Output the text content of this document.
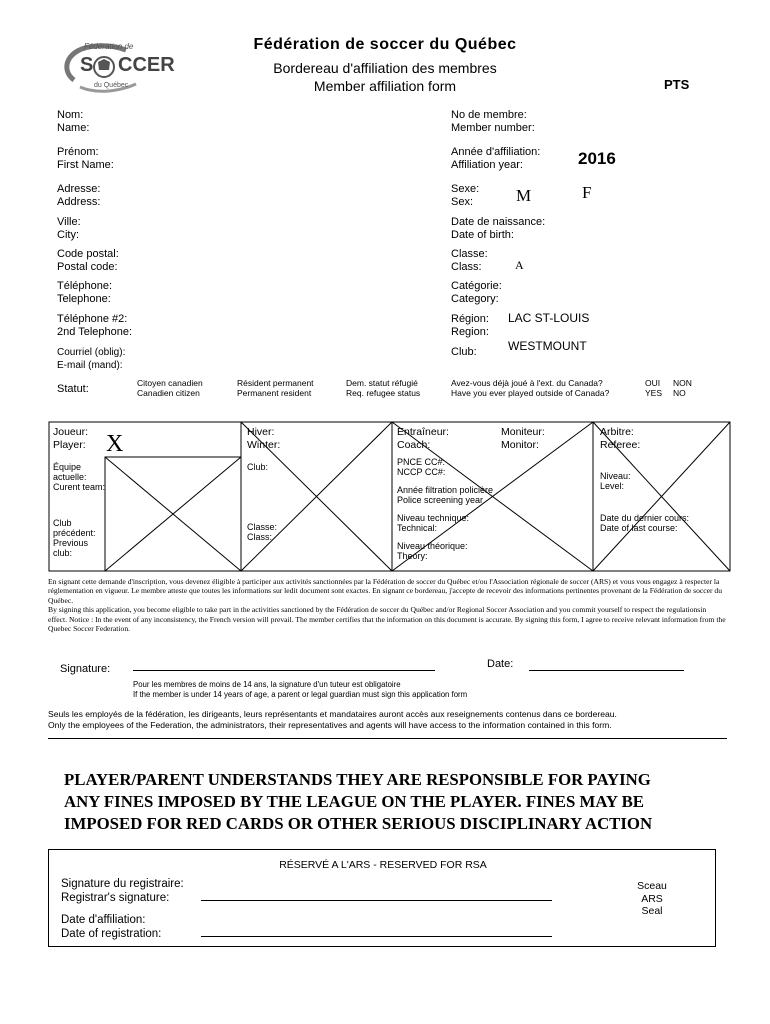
Fédération de
S CCER
du Québec
Fédération de soccer du Québec
Bordereau d'affiliation des membres
Member affiliation form	PTS
Nom:
Name:
Prénom:
First Name:
Adresse:
Address:
Ville:
City:
Code postal:
Postal code:
Téléphone:
Telephone:
Téléphone #2:
2nd Telephone:
Courriel (oblig):
E-mail (mand):
No de membre:
Member number:
Année d'affiliation:
Affiliation year:	2016
Sexe:
Sex:	M	F
Date de naissance:
Date of birth:
Classe:
Class:	A
Catégorie:
Category:
Région:
Region:
LAC ST-LOUIS
Club:	WESTMOUNT
Statut:	Citoyen canadien
Canadien citizen
Résident permanent
Permanent resident
Dem. statut réfugié
Req. refugee status
Avez-vous déjà joué à l'ext. du Canada?
Have you ever played outside of Canada?
OUI
YES
NON
NO
Joueur:
Player: X
Équipe
actuelle:
Curent team:
Club
précédent:
Previous
club:
Hiver:
Winter:
Club:
Classe:
Class:
Entraîneur:
Coach:
PNCE CC#:
NCCP CC#:
Année filtration policière
Police screening year
Niveau technique:
Technical:
Niveau théorique:
Theory:
Moniteur:
Monitor:
Arbitre:
Referee:
Niveau:
Level:
Date du dernier cours:
Date of last course:
En signant cette demande d'inscription, vous devenez éligible à participer aux activités sanctionnées par la Fédération de soccer du Québec et/ou l'Association régionale de soccer (ARS) et vous vous engagez à respecter la réglementation en vigueur. Le membre atteste que toutes les informations sur ledit document sont exactes. En signant ce bordereau, j'accepte de recevoir des informations pertinentes provenant de la Fédération de soccer du Québec.
By signing this application, you become eligible to take part in the activities sanctioned by the Fédération de soccer du Québec and/or Regional Soccer Association and you commit yourself to respect the regulationsin effect. Notice : In the event of any inconsistency, the French version will prevail. The member certifies that the information on this document is accurate. By signing this form, I agree to receive relevant information from the Quebec Soccer Federation.
Signature:	Date:
Pour les membres de moins de 14 ans, la signature d'un tuteur est obligatoire
If the member is under 14 years of age, a parent or legal guardian must sign this application form
Seuls les employés de la fédération, les dirigeants, leurs représentants et mandataires auront accès aux reseignements contenus dans ce bordereau.
Only the employees of the Federation, the administrators, their representatives and agents will have access to the information contained in this form.
PLAYER/PARENT UNDERSTANDS THEY ARE RESPONSIBLE FOR PAYING
ANY FINES IMPOSED BY THE LEAGUE ON THE PLAYER. FINES MAY BE
IMPOSED FOR RED CARDS OR OTHER SERIOUS DISCIPLINARY ACTION
RÉSERVÉ A L'ARS - RESERVED FOR RSA
Signature du registraire:
Registrar's signature:
Date d'affiliation:
Date of registration:
Sceau
ARS
Seal
